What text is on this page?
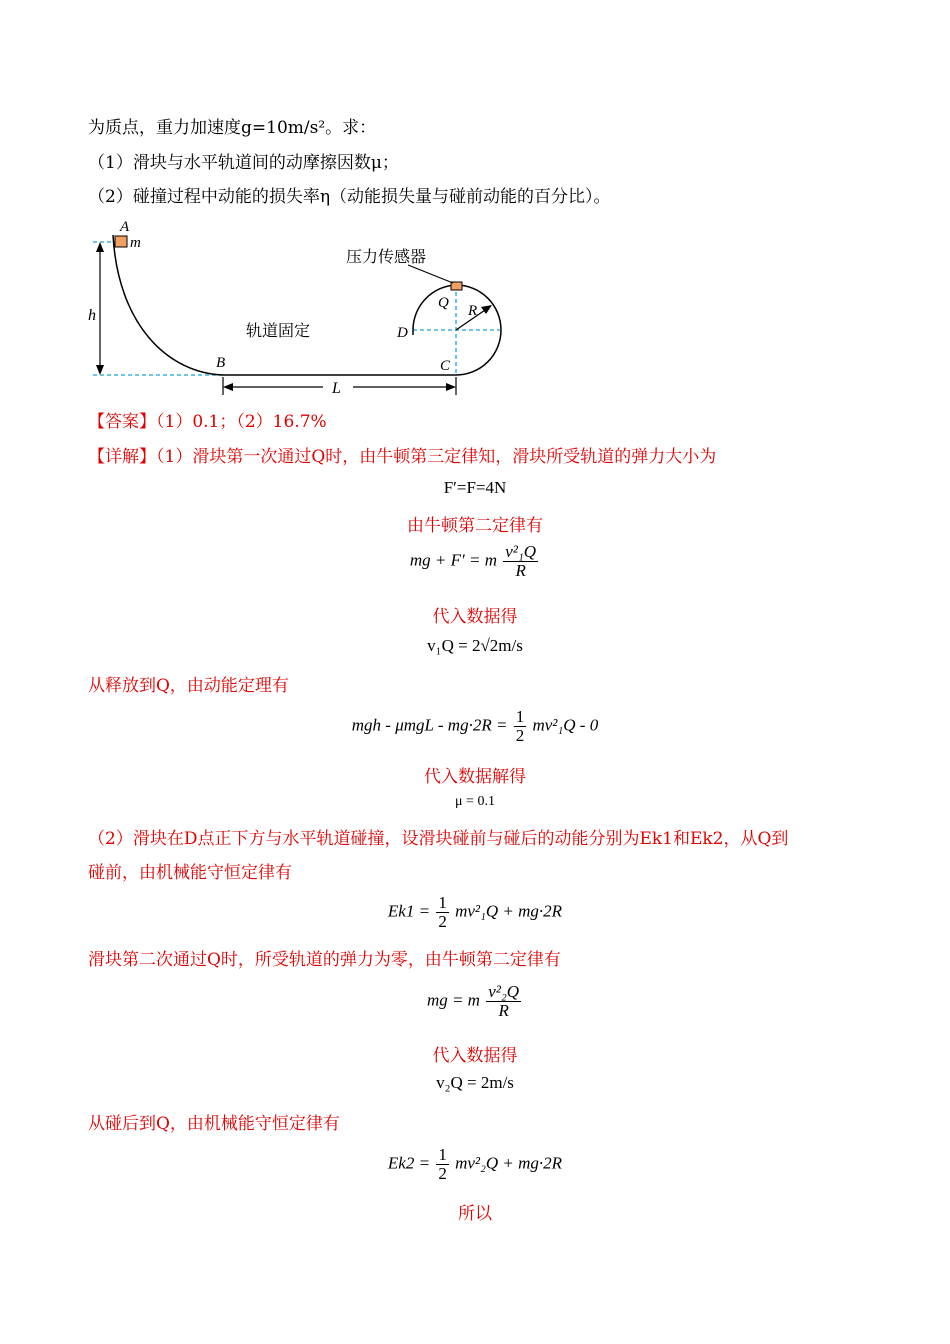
为质点，重力加速度g=10m/s²。求：
（1）滑块与水平轨道间的动摩擦因数μ；
（2）碰撞过程中动能的损失率η（动能损失量与碰前动能的百分比）。
A
m
h
B
L
C
D
Q R
压力传感器
轨道固定
【答案】（1）0.1；（2）16.7%
【详解】（1）滑块第一次通过Q时，由牛顿第三定律知，滑块所受轨道的弹力大小为
F′=F=4N
由牛顿第二定律有
mg + F′ = m $\frac{\text{v²₁Q}}{R}$
代入数据得
v₁Q = 2√2m/s
从释放到Q，由动能定理有
mgh - $\mu mgL - mg\cdot 2R = \frac{1}{2} mv^2_1Q - 0$
代入数据解得
μ = 0.1
（2）滑块在D点正下方与水平轨道碰撞，设滑块碰前与碰后的动能分别为Ek1和Ek2，从Q到
碰前，由机械能守恒定律有
$Ek1 = \frac{1}{2} mv^2_1Q + mg\cdot 2R$
滑块第二次通过Q时，所受轨道的弹力为零，由牛顿第二定律有
mg = m $\frac{\text{v²₂Q}}{R}$
代入数据得
v₂Q = 2m/s
从碰后到Q，由机械能守恒定律有
$Ek2 = \frac{1}{2} mv^2_2Q + mg\cdot 2R$
所以
